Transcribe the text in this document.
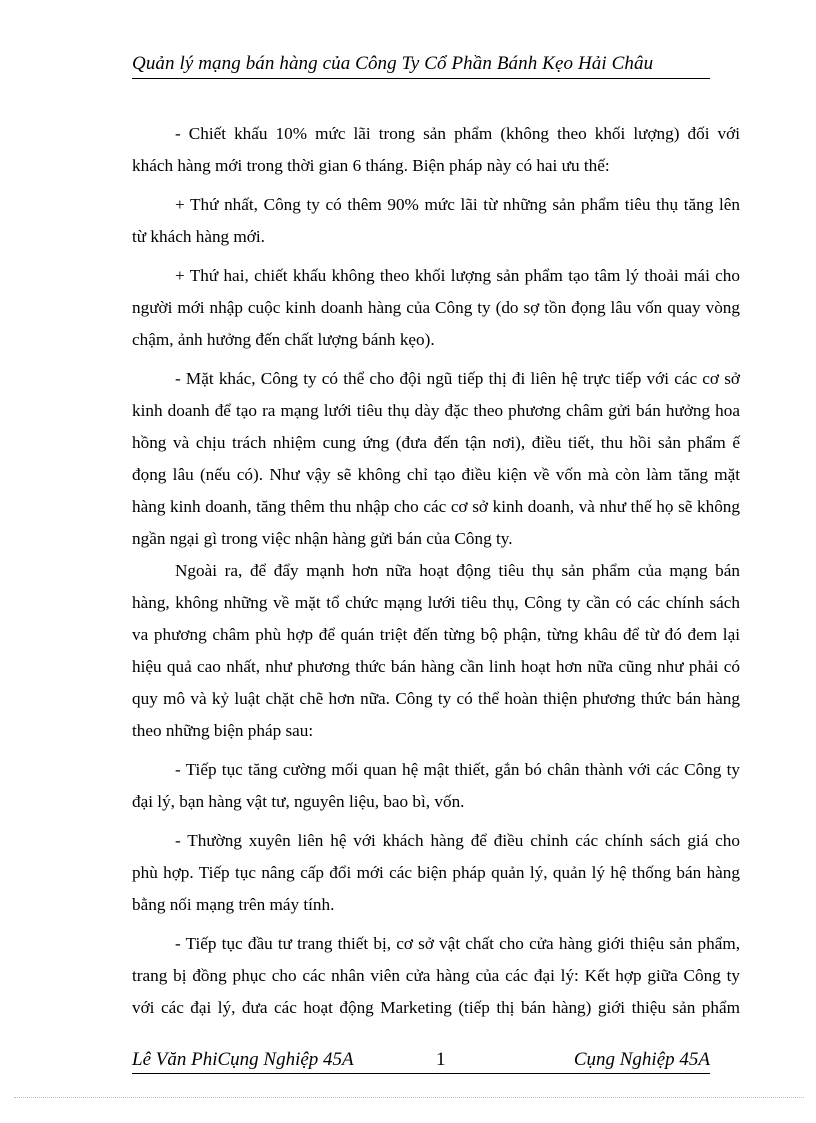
Quản lý mạng bán hàng của Công Ty Cổ Phần Bánh Kẹo Hải Châu
- Chiết khấu 10% mức lãi trong sản phẩm (không theo khối lượng) đối với
khách hàng mới trong thời gian 6 tháng. Biện pháp này có hai ưu thế:
+ Thứ nhất, Công ty có thêm 90% mức lãi từ những sản phẩm tiêu thụ tăng lên
từ khách hàng mới.
+ Thứ hai, chiết khấu không theo khối lượng sản phẩm tạo tâm lý thoải mái cho
người mới nhập cuộc kinh doanh hàng của Công ty (do sợ tồn đọng lâu vốn quay vòng
chậm, ảnh hưởng đến chất lượng bánh kẹo).
- Mặt khác, Công ty có thể cho đội ngũ tiếp thị đi liên hệ trực tiếp với các cơ sở
kinh doanh để tạo ra mạng lưới tiêu thụ dày đặc theo phương châm gửi bán hưởng hoa
hồng và chịu trách nhiệm cung ứng (đưa đến tận nơi), điều tiết, thu hồi sản phẩm ế
đọng lâu (nếu có). Như vậy sẽ không chỉ tạo điều kiện về vốn mà còn làm tăng mặt
hàng kinh doanh, tăng thêm thu nhập cho các cơ sở kinh doanh, và như thế họ sẽ không
ngần ngại gì trong việc nhận hàng gửi bán của Công ty.
Ngoài ra, để đẩy mạnh hơn nữa hoạt động tiêu thụ sản phẩm của mạng bán
hàng, không những về mặt tổ chức mạng lưới tiêu thụ, Công ty cần có các chính sách
va phương châm phù hợp để quán triệt đến từng bộ phận, từng khâu để từ đó đem lại
hiệu quả cao nhất, như phương thức bán hàng cần linh hoạt hơn nữa cũng như phải có
quy mô và kỷ luật chặt chẽ hơn nữa. Công ty có thể hoàn thiện phương thức bán hàng
theo những biện pháp sau:
- Tiếp tục tăng cường mối quan hệ mật thiết, gắn bó chân thành với các Công ty
đại lý, bạn hàng vật tư, nguyên liệu, bao bì, vốn.
- Thường xuyên liên hệ với khách hàng để điều chỉnh các chính sách giá cho
phù hợp. Tiếp tục nâng cấp đổi mới các biện pháp quản lý, quản lý hệ thống bán hàng
bằng nối mạng trên máy tính.
- Tiếp tục đầu tư trang thiết bị, cơ sở vật chất cho cửa hàng giới thiệu sản phẩm,
trang bị đồng phục cho các nhân viên cửa hàng của các đại lý: Kết hợp giữa Công ty
với các đại lý, đưa các hoạt động Marketing (tiếp thị bán hàng) giới thiệu sản phẩm
Lê Văn PhiCụng Nghiệp 45A	1	Cụng Nghiệp 45A
